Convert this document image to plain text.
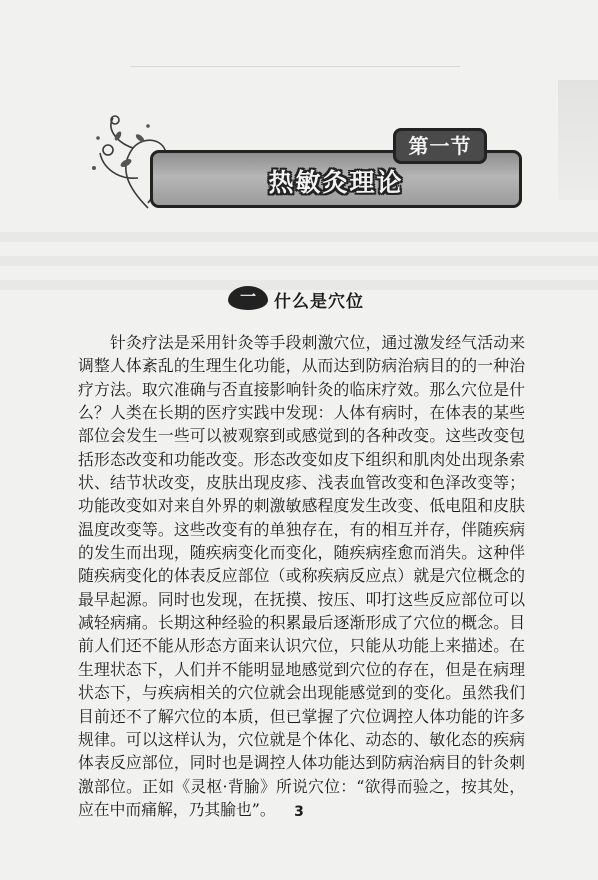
热敏灸理论
第一节
一	什么是穴位

针灸疗法是采用针灸等手段刺激穴位，通过激发经气活动来调整人体紊乱的生理生化功能，从而达到防病治病目的的一种治疗方法。取穴准确与否直接影响针灸的临床疗效。那么穴位是什么？人类在长期的医疗实践中发现：人体有病时，在体表的某些部位会发生一些可以被观察到或感觉到的各种改变。这些改变包括形态改变和功能改变。形态改变如皮下组织和肌肉处出现条索状、结节状改变，皮肤出现皮疹、浅表血管改变和色泽改变等；功能改变如对来自外界的刺激敏感程度发生改变、低电阻和皮肤温度改变等。这些改变有的单独存在，有的相互并存，伴随疾病的发生而出现，随疾病变化而变化，随疾病痊愈而消失。这种伴随疾病变化的体表反应部位（或称疾病反应点）就是穴位概念的最早起源。同时也发现，在抚摸、按压、叩打这些反应部位可以减轻病痛。长期这种经验的积累最后逐渐形成了穴位的概念。目前人们还不能从形态方面来认识穴位，只能从功能上来描述。在生理状态下，人们并不能明显地感觉到穴位的存在，但是在病理状态下，与疾病相关的穴位就会出现能感觉到的变化。虽然我们目前还不了解穴位的本质，但已掌握了穴位调控人体功能的许多规律。可以这样认为，穴位就是个体化、动态的、敏化态的疾病体表反应部位，同时也是调控人体功能达到防病治病目的针灸刺激部位。正如《灵枢·背腧》所说穴位：“欲得而验之，按其处，应在中而痛解，乃其腧也”。	3
